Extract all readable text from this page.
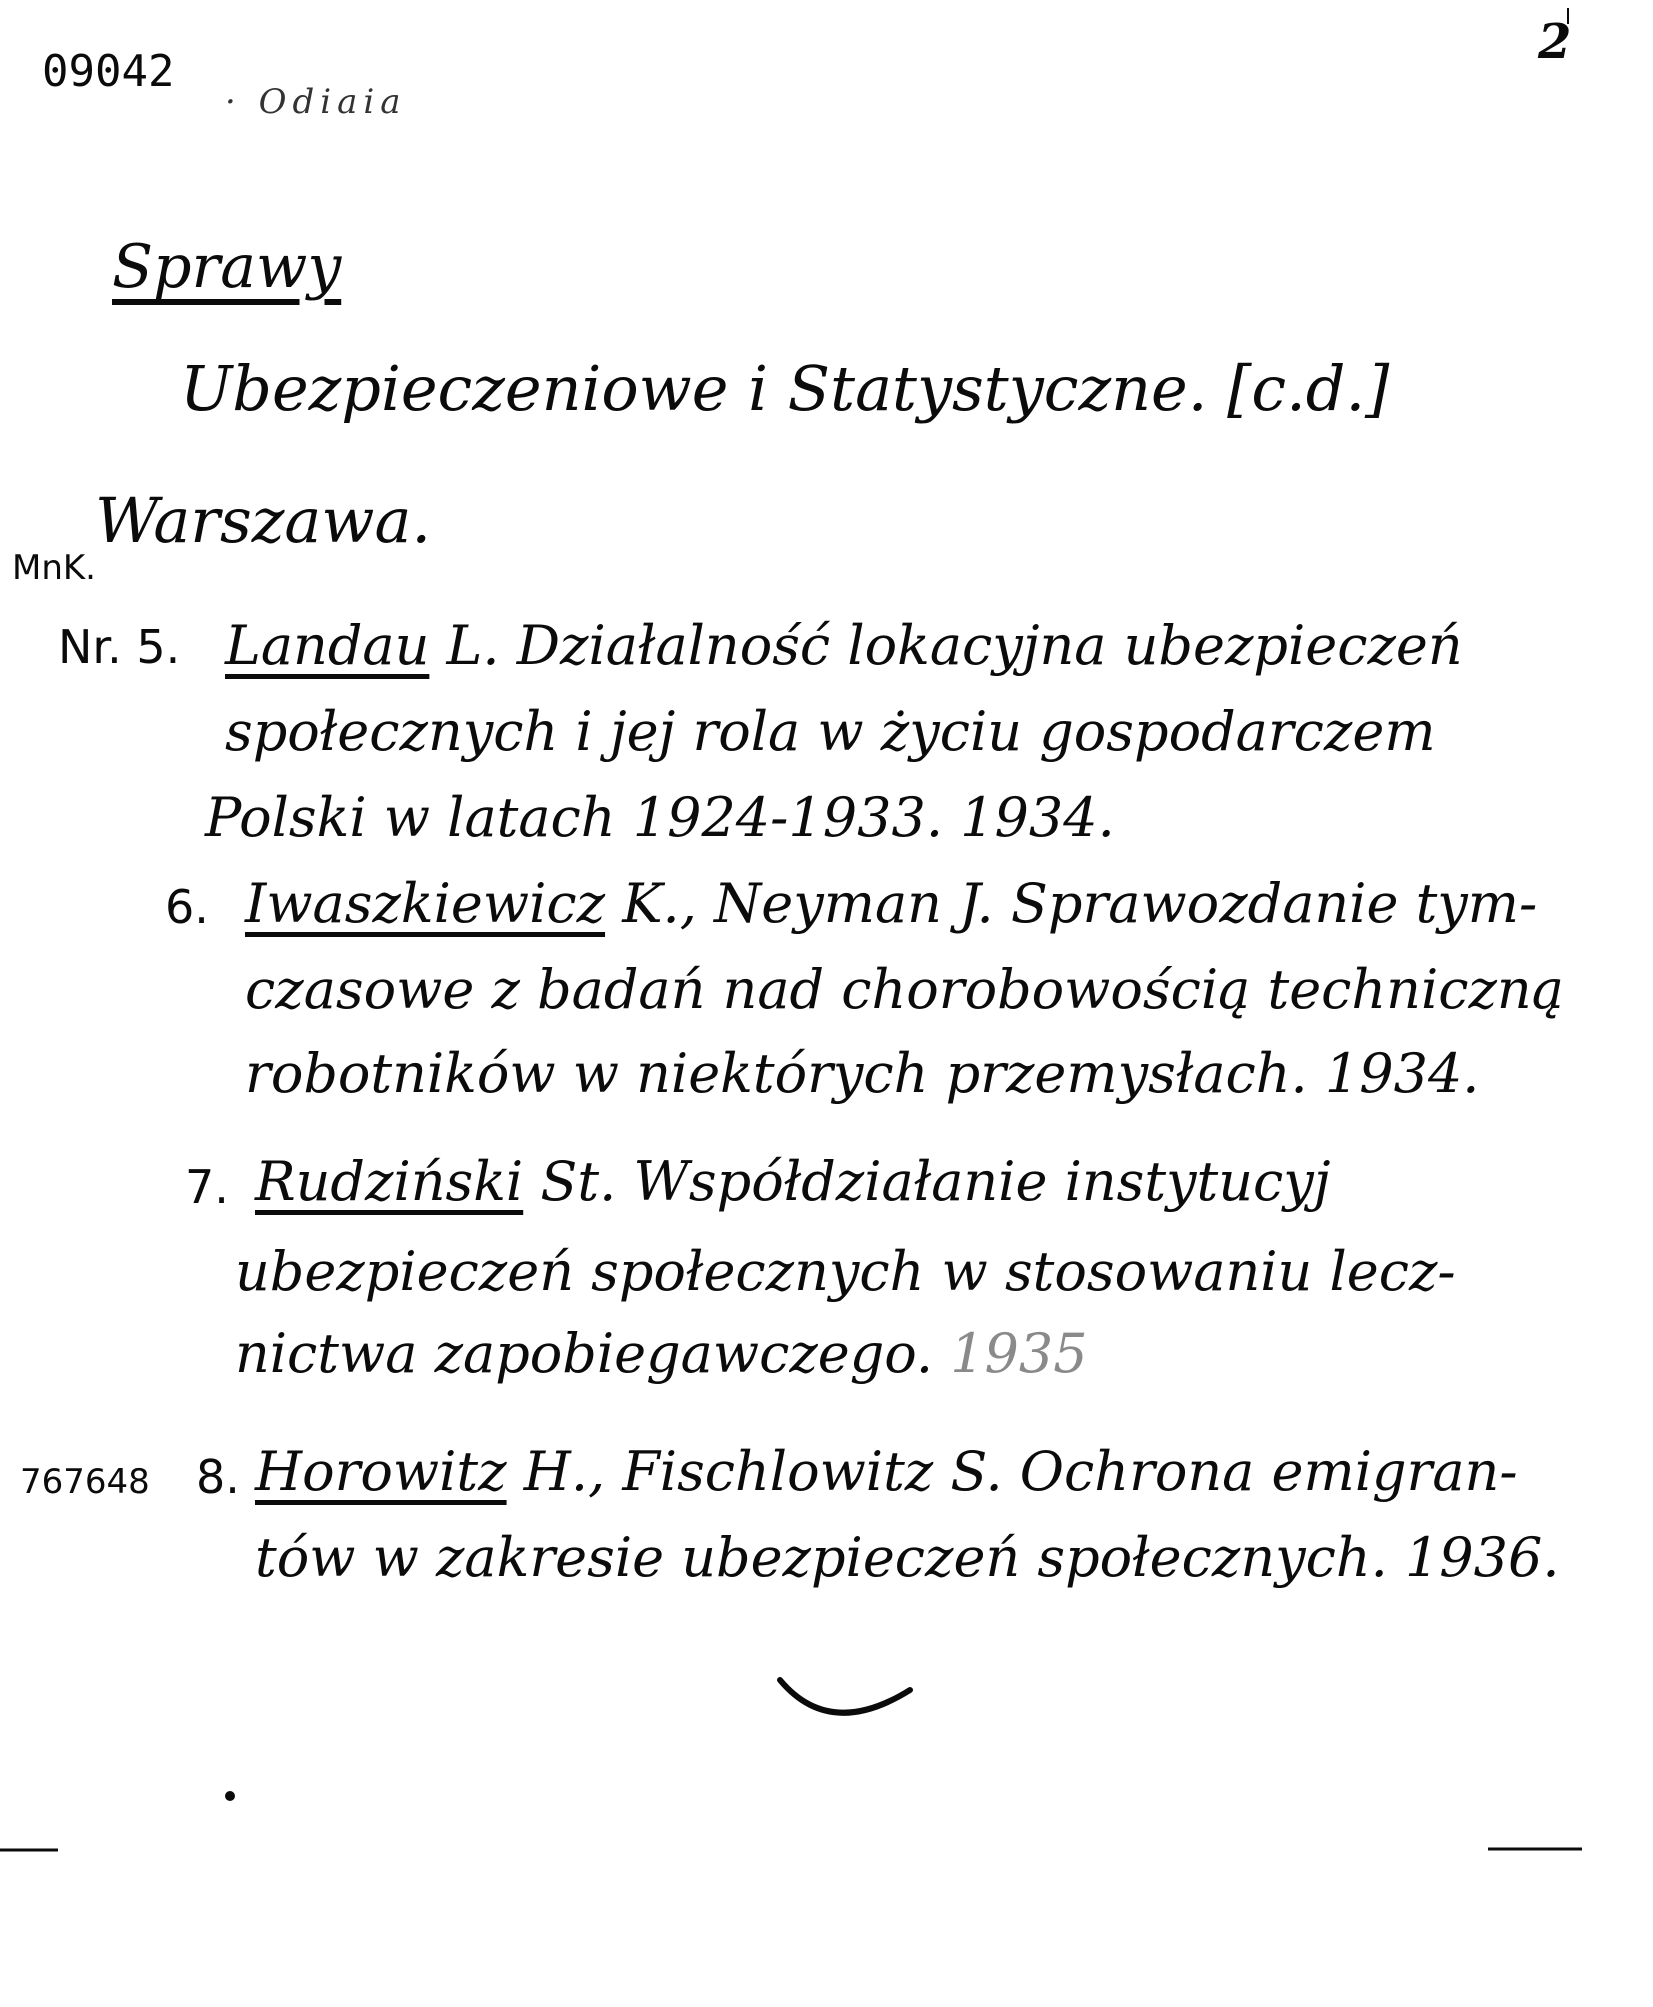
09042
· Odiaia
2
Sprawy
Ubezpieczeniowe i Statystyczne. [c.d.]
Warszawa.
MnK.
Nr. 5. Landau L. Działalność lokacyjna ubezpieczeń
społecznych i jej rola w życiu gospodarczem
Polski w latach 1924-1933. 1934.
6. Iwaszkiewicz K., Neyman J. Sprawozdanie tym-
czasowe z badań nad chorobowością techniczną
robotników w niektórych przemysłach. 1934.
7. Rudziński St. Współdziałanie instytucyj
ubezpieczeń społecznych w stosowaniu lecz-
nictwa zapobiegawczego. 1935
767648 8. Horowitz H., Fischlowitz S. Ochrona emigran-
tów w zakresie ubezpieczeń społecznych. 1936.
